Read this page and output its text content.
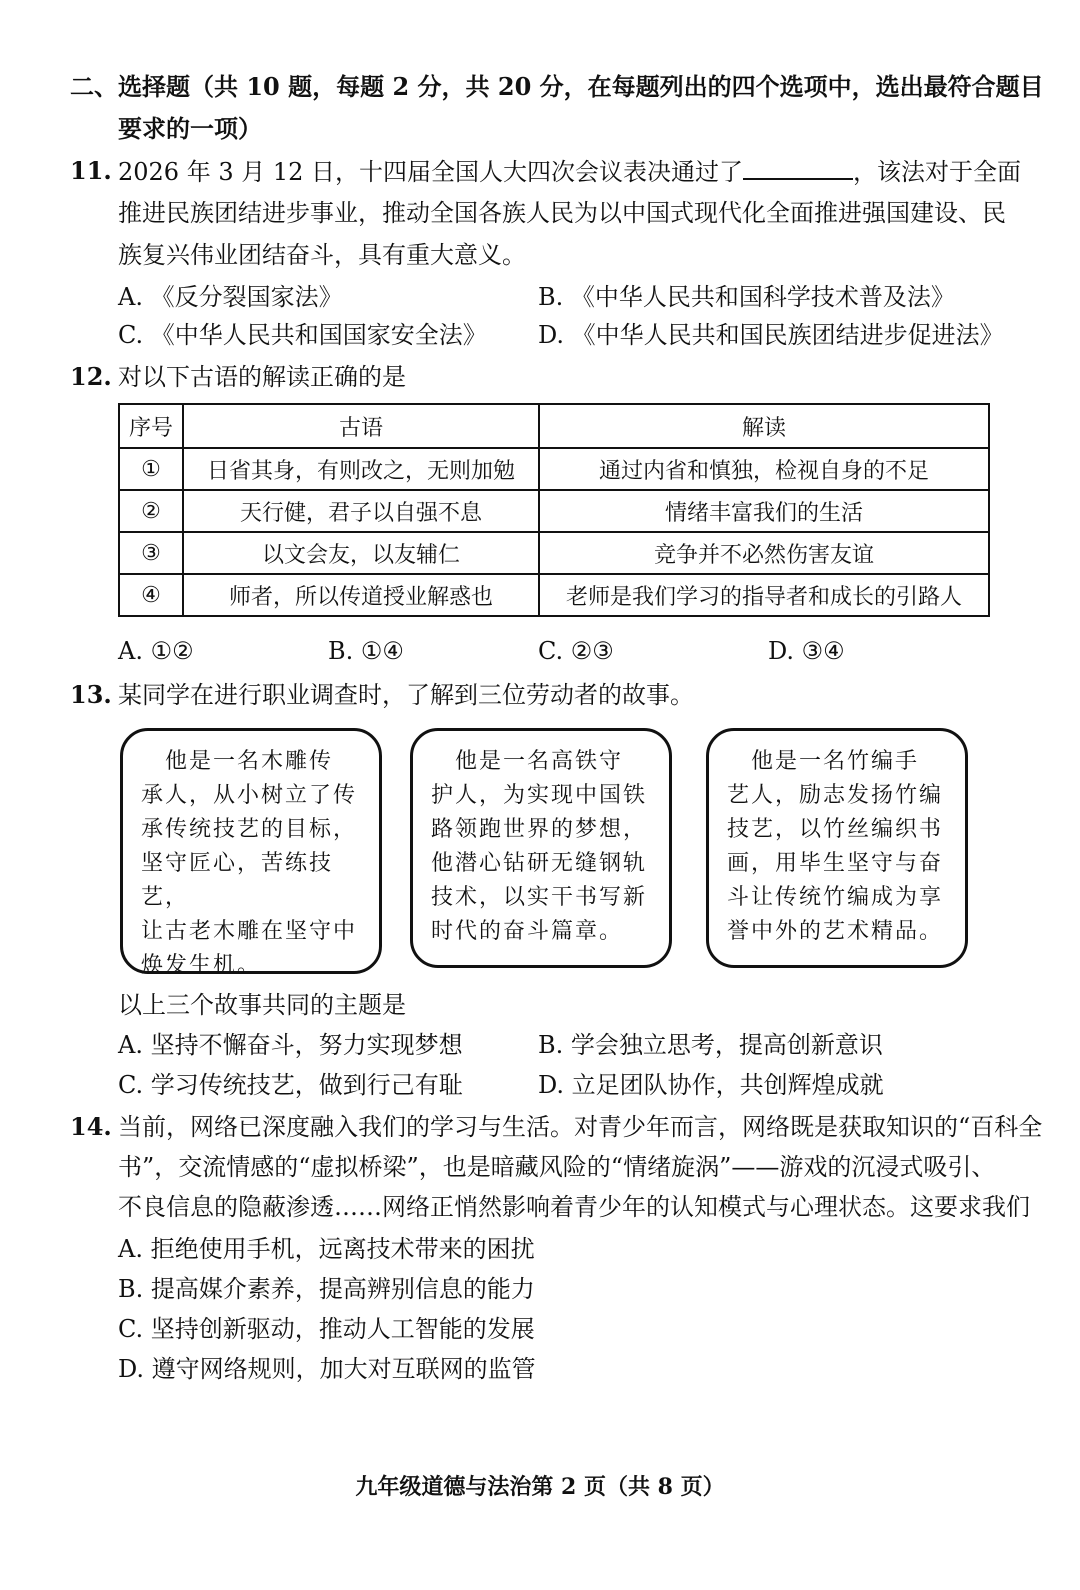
二、选择题（共 10 题，每题 2 分，共 20 分，在每题列出的四个选项中，选出最符合题目
要求的一项）
11. 2026 年 3 月 12 日，十四届全国人大四次会议表决通过了	，该法对于全面
推进民族团结进步事业，推动全国各族人民为以中国式现代化全面推进强国建设、民
族复兴伟业团结奋斗，具有重大意义。
A. 《反分裂国家法》	B. 《中华人民共和国科学技术普及法》
C. 《中华人民共和国国家安全法》 D. 《中华人民共和国民族团结进步促进法》
12. 对以下古语的解读正确的是
序号	古语	解读
①	日省其身，有则改之，无则加勉	通过内省和慎独，检视自身的不足
②	天行健，君子以自强不息	情绪丰富我们的生活
③	以文会友，以友辅仁	竞争并不必然伤害友谊
④	师者，所以传道授业解惑也	老师是我们学习的指导者和成长的引路人
A. ①②	B. ①④	C. ②③	D. ③④
13. 某同学在进行职业调查时，了解到三位劳动者的故事。
　他是一名木雕传
承人，从小树立了传
承传统技艺的目标，
坚守匠心，苦练技艺，
让古老木雕在坚守中
焕发生机。
　他是一名高铁守
护人，为实现中国铁
路领跑世界的梦想，
他潜心钻研无缝钢轨
技术，以实干书写新
时代的奋斗篇章。
　他是一名竹编手
艺人，励志发扬竹编
技艺，以竹丝编织书
画，用毕生坚守与奋
斗让传统竹编成为享
誉中外的艺术精品。
以上三个故事共同的主题是
A. 坚持不懈奋斗，努力实现梦想	B. 学会独立思考，提高创新意识
C. 学习传统技艺，做到行己有耻	D. 立足团队协作，共创辉煌成就
14. 当前，网络已深度融入我们的学习与生活。对青少年而言，网络既是获取知识的“百科全
书”，交流情感的“虚拟桥梁”，也是暗藏风险的“情绪旋涡”——游戏的沉浸式吸引、
不良信息的隐蔽渗透……网络正悄然影响着青少年的认知模式与心理状态。这要求我们
A. 拒绝使用手机，远离技术带来的困扰
B. 提高媒介素养，提高辨别信息的能力
C. 坚持创新驱动，推动人工智能的发展
D. 遵守网络规则，加大对互联网的监管
九年级道德与法治第 2 页（共 8 页）
